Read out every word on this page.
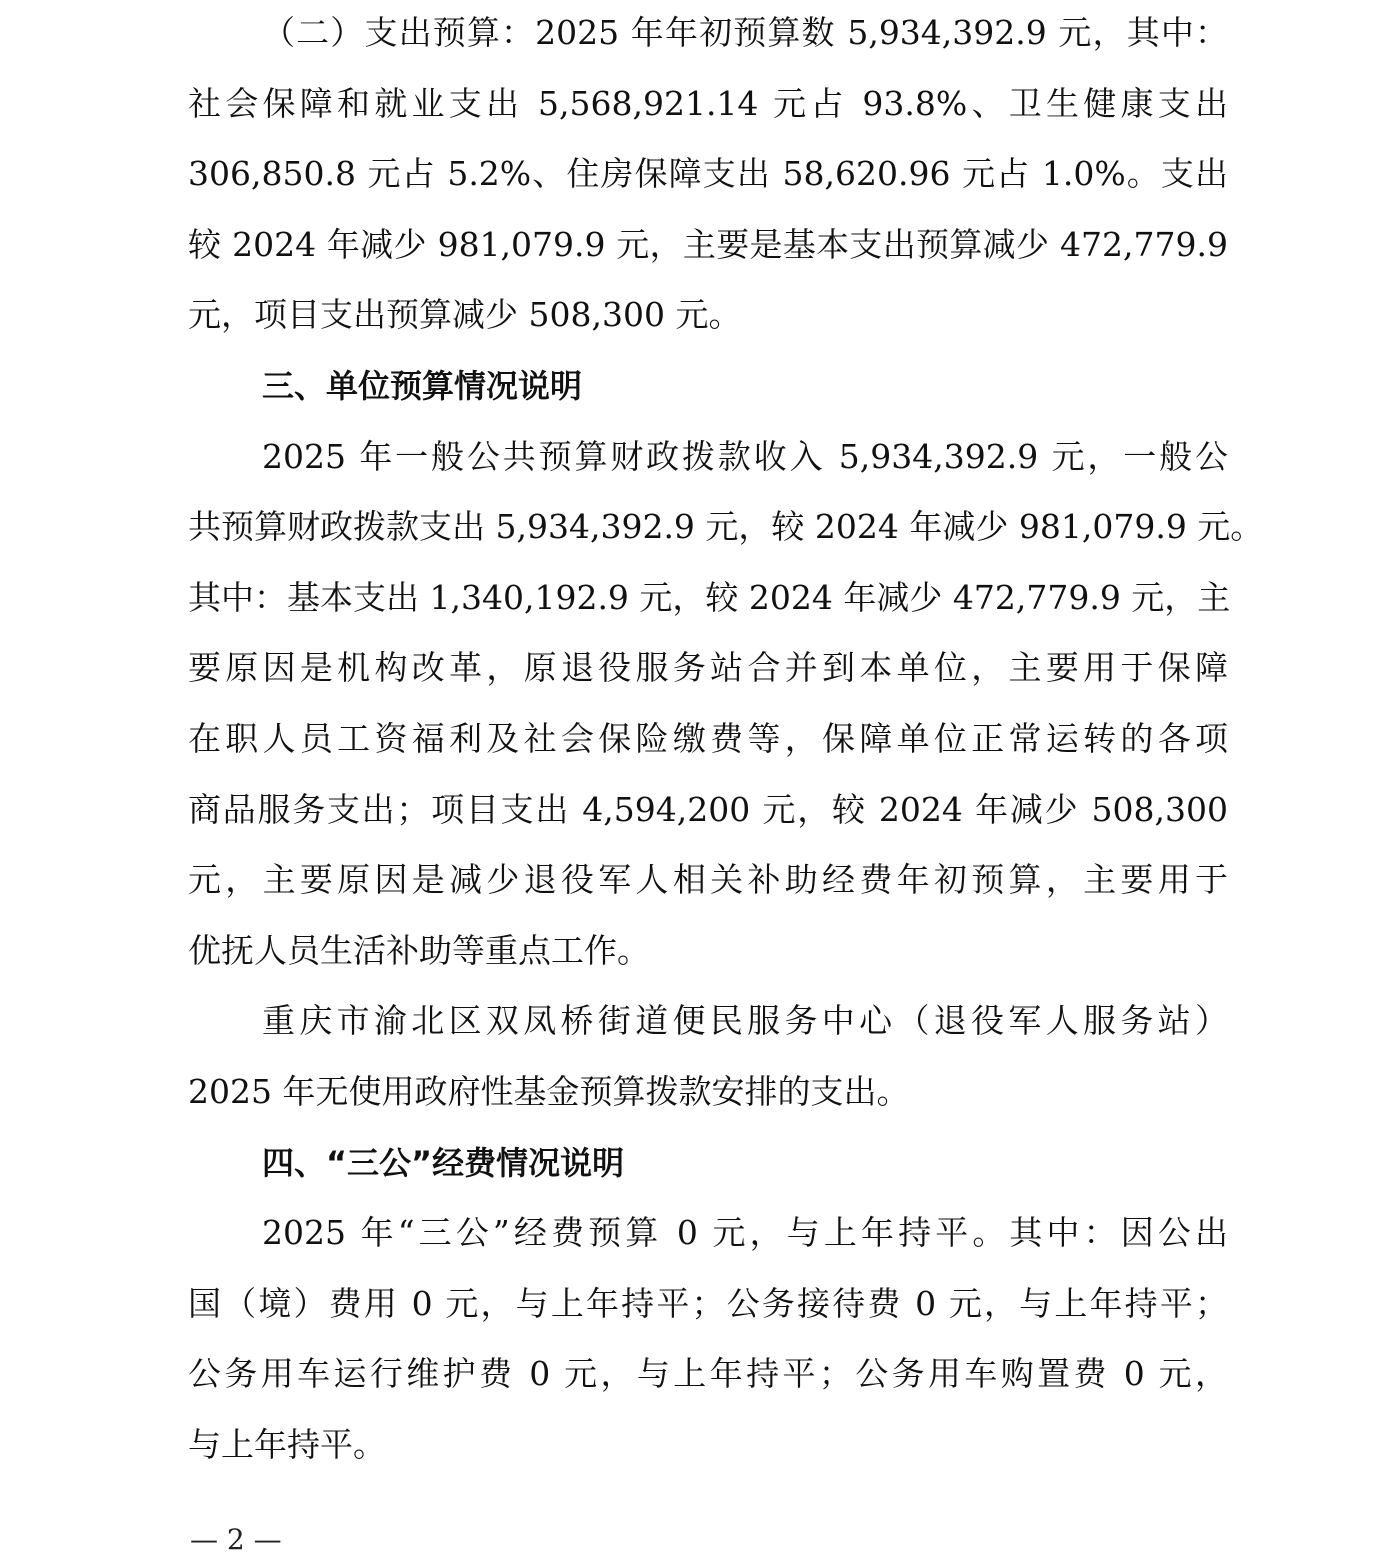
（二）支出预算：2025 年年初预算数 5,934,392.9 元，其中：
社会保障和就业支出 5,568,921.14 元占 93.8%、卫生健康支出
306,850.8 元占 5.2%、住房保障支出 58,620.96 元占 1.0%。支出
较 2024 年减少 981,079.9 元，主要是基本支出预算减少 472,779.9
元，项目支出预算减少 508,300 元。
三、单位预算情况说明
2025 年一般公共预算财政拨款收入 5,934,392.9 元，一般公
共预算财政拨款支出 5,934,392.9 元，较 2024 年减少 981,079.9 元。
其中：基本支出 1,340,192.9 元，较 2024 年减少 472,779.9 元，主
要原因是机构改革，原退役服务站合并到本单位，主要用于保障
在职人员工资福利及社会保险缴费等，保障单位正常运转的各项
商品服务支出；项目支出 4,594,200 元，较 2024 年减少 508,300
元，主要原因是减少退役军人相关补助经费年初预算，主要用于
优抚人员生活补助等重点工作。
重庆市渝北区双凤桥街道便民服务中心（退役军人服务站）
2025 年无使用政府性基金预算拨款安排的支出。
四、“三公”经费情况说明
2025 年“三公”经费预算 0 元，与上年持平。其中：因公出
国（境）费用 0 元，与上年持平；公务接待费 0 元，与上年持平；
公务用车运行维护费 0 元，与上年持平；公务用车购置费 0 元，
与上年持平。
— 2 —
